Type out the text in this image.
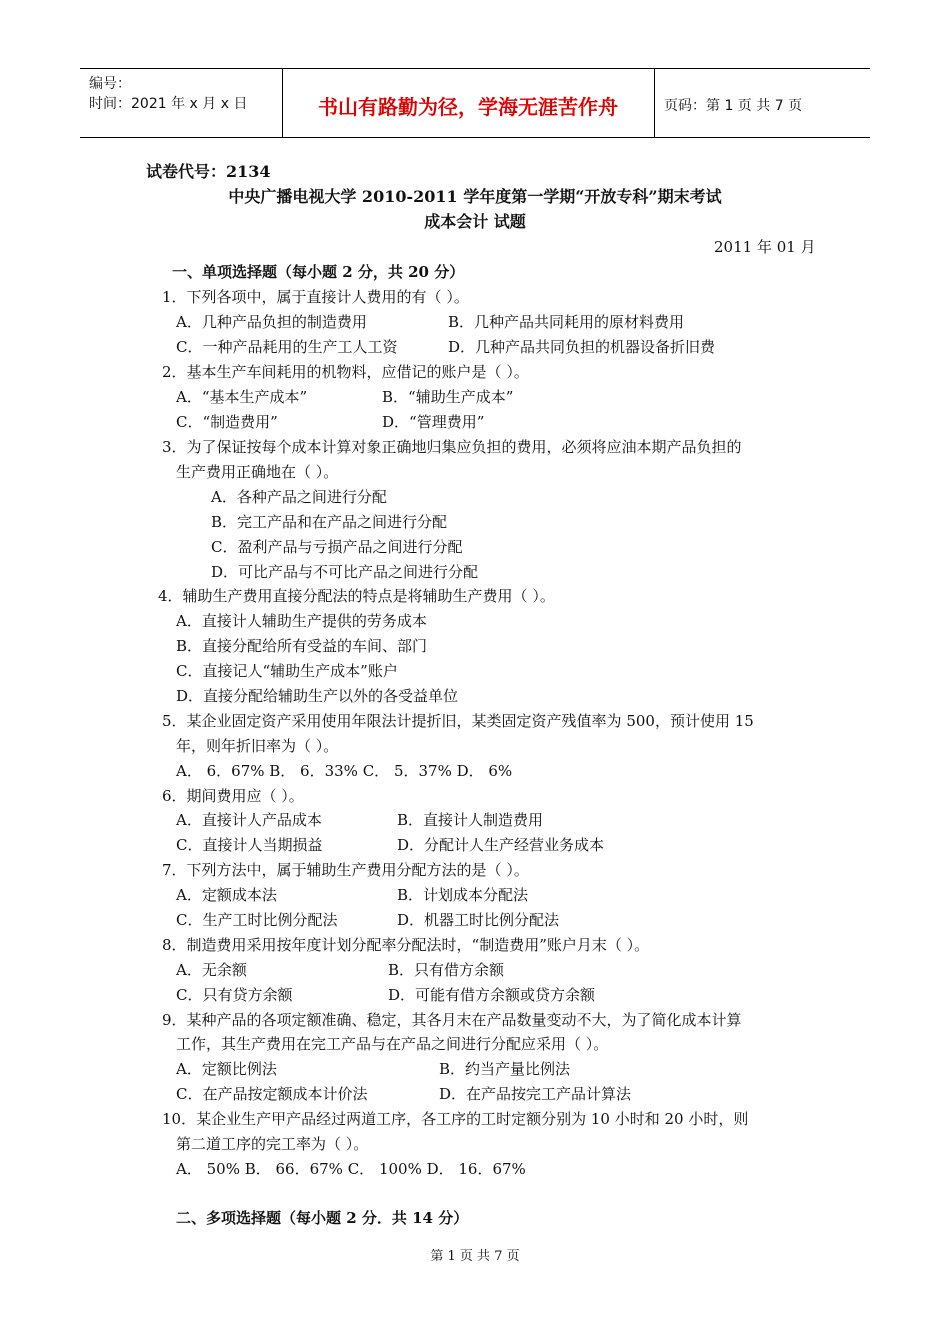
编号：
时间：2021 年 x 月 x 日	书山有路勤为径，学海无涯苦作舟	页码：第 1 页 共 7 页
试卷代号：2134
中央广播电视大学 2010-2011 学年度第一学期“开放专科”期末考试
成本会计 试题
2011 年 01 月
一、单项选择题（每小题 2 分，共 20 分）
1．下列各项中，属于直接计人费用的有（ ）。
A．几种产品负担的制造费用	B．几种产品共同耗用的原材料费用
C．一种产品耗用的生产工人工资	D．几种产品共同负担的机器设备折旧费
2．基本生产车间耗用的机物料，应借记的账户是（ ）。
A．“基本生产成本”	B．“辅助生产成本”
C．“制造费用”	D．“管理费用”
3．为了保证按每个成本计算对象正确地归集应负担的费用，必须将应油本期产品负担的
生产费用正确地在（ ）。
A．各种产品之间进行分配
B．完工产品和在产品之间进行分配
C．盈利产品与亏损产品之间进行分配
D．可比产品与不可比产品之间进行分配
4．辅助生产费用直接分配法的特点是将辅助生产费用（ ）。
A．直接计人辅助生产提供的劳务成本
B．直接分配给所有受益的车间、部门
C．直接记人“辅助生产成本”账户
D．直接分配给辅助生产以外的各受益单位
5．某企业固定资产采用使用年限法计提折旧，某类固定资产残值率为 500，预计使用 15
年，则年折旧率为（ ）。
A． 6．67% B． 6．33% C． 5．37% D． 6%
6．期间费用应（ ）。
A．直接计人产品成本	B．直接计人制造费用
C．直接计人当期损益	D．分配计人生产经营业务成本
7．下列方法中，属于辅助生产费用分配方法的是（ ）。
A．定额成本法	B．计划成本分配法
C．生产工时比例分配法	D．机器工时比例分配法
8．制造费用采用按年度计划分配率分配法时，“制造费用”账户月末（ ）。
A．无余额	B．只有借方余额
C．只有贷方余额	D．可能有借方余额或贷方余额
9．某种产品的各项定额准确、稳定，其各月末在产品数量变动不大，为了简化成本计算
工作，其生产费用在完工产品与在产品之间进行分配应采用（ ）。
A．定额比例法	B．约当产量比例法
C．在产品按定额成本计价法	D．在产品按完工产品计算法
10．某企业生产甲产品经过两道工序，各工序的工时定额分别为 10 小时和 20 小时，则
第二道工序的完工率为（ ）。
A． 50% B． 66．67% C． 100% D． 16．67%
二、多项选择题（每小题 2 分．共 14 分）
第 1 页 共 7 页
